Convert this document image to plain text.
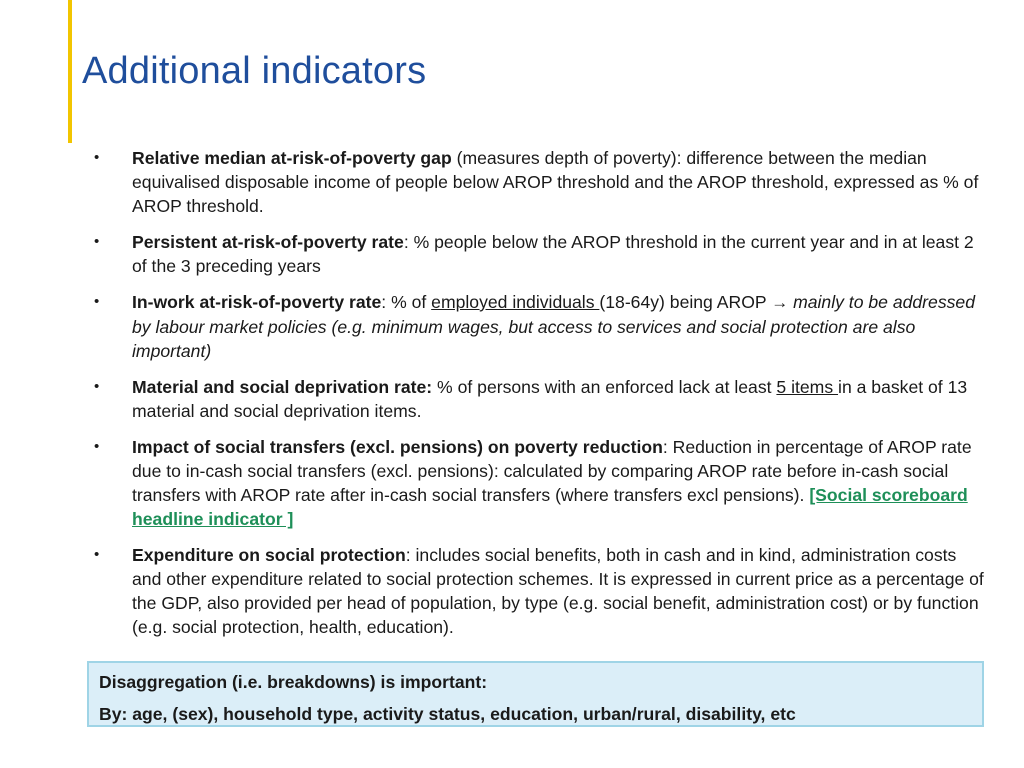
Additional indicators
• Relative median at-risk-of-poverty gap (measures depth of poverty): difference between the median equivalised disposable income of people below AROP threshold and the AROP threshold, expressed as % of AROP threshold.
• Persistent at-risk-of-poverty rate: % people below the AROP threshold in the current year and in at least 2 of the 3 preceding years
• In-work at-risk-of-poverty rate: % of employed individuals (18-64y) being AROP → mainly to be addressed by labour market policies (e.g. minimum wages, but access to services and social protection are also important)
• Material and social deprivation rate: % of persons with an enforced lack at least 5 items in a basket of 13 material and social deprivation items.
• Impact of social transfers (excl. pensions) on poverty reduction: Reduction in percentage of AROP rate due to in-cash social transfers (excl. pensions): calculated by comparing AROP rate before in-cash social transfers with AROP rate after in-cash social transfers (where transfers excl pensions). [Social scoreboard headline indicator ]
• Expenditure on social protection: includes social benefits, both in cash and in kind, administration costs and other expenditure related to social protection schemes. It is expressed in current price as a percentage of the GDP, also provided per head of population, by type (e.g. social benefit, administration cost) or by function (e.g. social protection, health, education).

Disaggregation (i.e. breakdowns) is important:

By: age, (sex), household type, activity status, education, urban/rural, disability, etc
